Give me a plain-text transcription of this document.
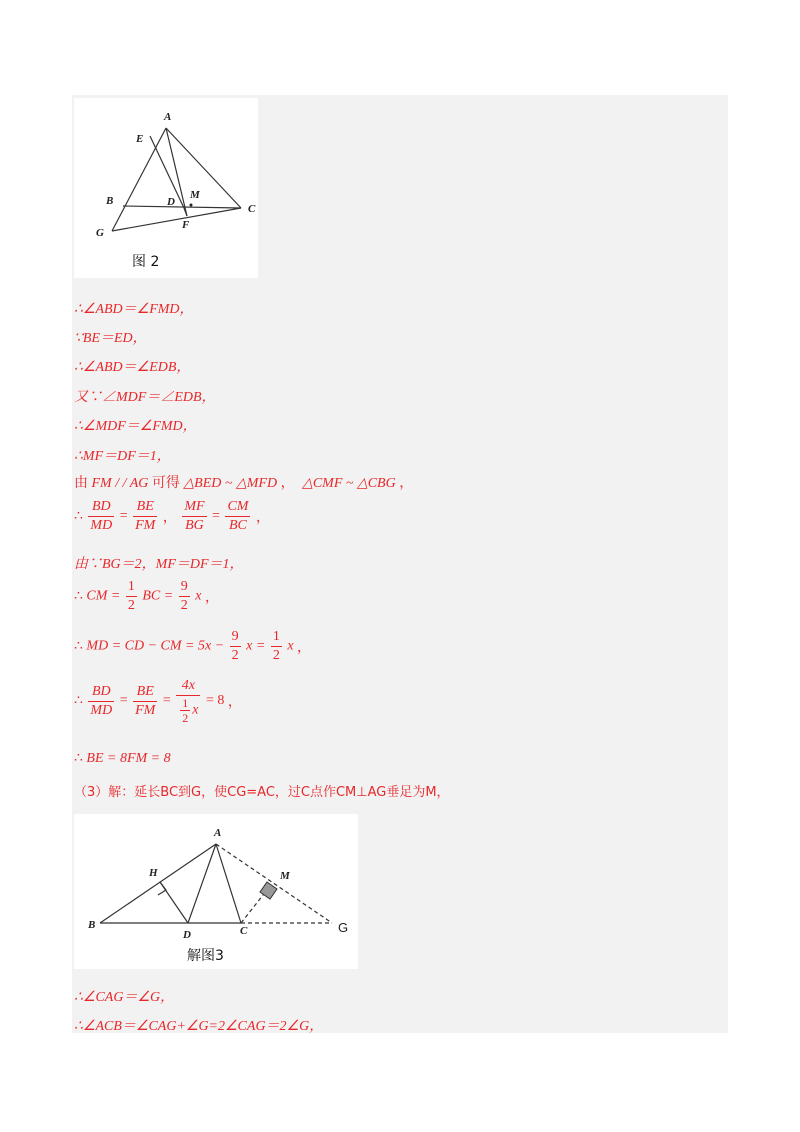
A
E
B	D
M
C
G
F
图 2
∴∠ABD＝∠FMD，
∵BE＝ED，
∴∠ABD＝∠EDB，
又∵∠MDF＝∠EDB，
∴∠MDF＝∠FMD，
∴MF＝DF＝1，
由 FM / / AG 可得 △BED ~ △MFD ， △CMF ~ △CBG ，
∴ $\frac{BD}{MD} = \frac{BE}{FM}$ ， $\frac{MF}{BG} = \frac{CM}{BC}$ ，
由∵BG＝2，MF＝DF＝1，
∴ CM = $\frac{1}{2}$ BC = $\frac{9}{2}$ x ，
∴ MD = CD − CM = $5x - \frac{9}{2}$ $x = \frac{1}{2}$ x ，
∴ $\frac{BD}{MD} = \frac{BE}{FM} = \frac{4x}{\frac{1}{2} x} = 8$ ，
∴ BE = 8FM = 8
（3）解：延长BC到G，使CG=AC，过C点作CM⊥AG垂足为M，
A
H	M
B
D	C	G
解图3
∴∠CAG＝∠G，
∴∠ACB＝∠CAG+∠G=2∠CAG＝2∠G，
